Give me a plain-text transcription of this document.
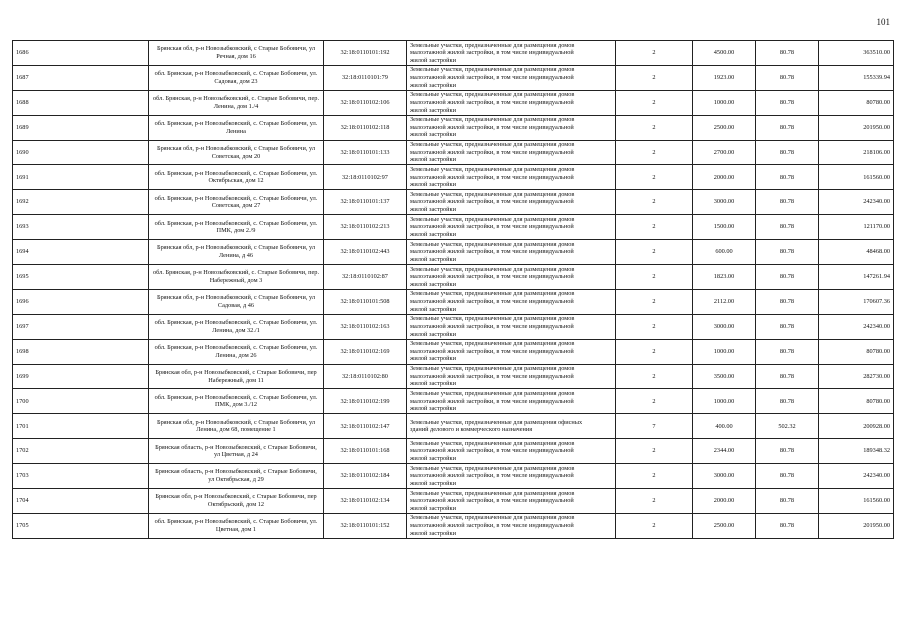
101
1686	Брянская обл, р-н Новозыбковский, с Старые Бобовичи, ул Речная, дом 16	32:18:0110101:192	Земельные участки, предназначенные для размещения домов
малоэтажной жилой застройки, в том числе индивидуальной
жилой застройки	2	4500.00	80.78	363510.00
1687	обл. Брянская, р-н Новозыбковский, с. Старые Бобовичи, ул. Садовая, дом 23	32:18:0110101:79	Земельные участки, предназначенные для размещения домов
малоэтажной жилой застройки, в том числе индивидуальной
жилой застройки	2	1923.00	80.78	155339.94
1688	обл. Брянская, р-н Новозыбковский, с. Старые Бобовичи, пер. Ленина, дом 1./4	32:18:0110102:106	Земельные участки, предназначенные для размещения домов
малоэтажной жилой застройки, в том числе индивидуальной
жилой застройки	2	1000.00	80.78	80780.00
1689	обл. Брянская, р-н Новозыбковский, с. Старые Бобовичи, ул. Ленина	32:18:0110102:118	Земельные участки, предназначенные для размещения домов
малоэтажной жилой застройки, в том числе индивидуальной
жилой застройки	2	2500.00	80.78	201950.00
1690	Брянская обл, р-н Новозыбковский, с Старые Бобовичи, ул Советская, дом 20	32:18:0110101:133	Земельные участки, предназначенные для размещения домов
малоэтажной жилой застройки, в том числе индивидуальной
жилой застройки	2	2700.00	80.78	218106.00
1691	обл. Брянская, р-н Новозыбковский, с. Старые Бобовичи, ул. Октябрьская, дом 12	32:18:0110102:97	Земельные участки, предназначенные для размещения домов
малоэтажной жилой застройки, в том числе индивидуальной
жилой застройки	2	2000.00	80.78	161560.00
1692	обл. Брянская, р-н Новозыбковский, с. Старые Бобовичи, ул. Советская, дом 27	32:18:0110101:137	Земельные участки, предназначенные для размещения домов
малоэтажной жилой застройки, в том числе индивидуальной
жилой застройки	2	3000.00	80.78	242340.00
1693	обл. Брянская, р-н Новозыбковский, с. Старые Бобовичи, ул. ПМК, дом 2./9	32:18:0110102:213	Земельные участки, предназначенные для размещения домов
малоэтажной жилой застройки, в том числе индивидуальной
жилой застройки	2	1500.00	80.78	121170.00
1694	Брянская обл, р-н Новозыбковский, с Старые Бобовичи, ул Ленина, д 46	32:18:0110102:443	Земельные участки, предназначенные для размещения домов
малоэтажной жилой застройки, в том числе индивидуальной
жилой застройки	2	600.00	80.78	48468.00
1695	обл. Брянская, р-н Новозыбковский, с. Старые Бобовичи, пер. Набережный, дом 3	32:18:0110102:87	Земельные участки, предназначенные для размещения домов
малоэтажной жилой застройки, в том числе индивидуальной
жилой застройки	2	1823.00	80.78	147261.94
1696	Брянская обл, р-н Новозыбковский, с Старые Бобовичи, ул Садовая, д 46	32:18:0110101:508	Земельные участки, предназначенные для размещения домов
малоэтажной жилой застройки, в том числе индивидуальной
жилой застройки	2	2112.00	80.78	170607.36
1697	обл. Брянская, р-н Новозыбковский, с. Старые Бобовичи, ул. Ленина, дом 32./1	32:18:0110102:163	Земельные участки, предназначенные для размещения домов
малоэтажной жилой застройки, в том числе индивидуальной
жилой застройки	2	3000.00	80.78	242340.00
1698	обл. Брянская, р-н Новозыбковский, с. Старые Бобовичи, ул. Ленина, дом 26	32:18:0110102:169	Земельные участки, предназначенные для размещения домов
малоэтажной жилой застройки, в том числе индивидуальной
жилой застройки	2	1000.00	80.78	80780.00
1699	Брянская обл, р-н Новозыбковский, с Старые Бобовичи, пер Набережный, дом 11	32:18:0110102:80	Земельные участки, предназначенные для размещения домов
малоэтажной жилой застройки, в том числе индивидуальной
жилой застройки	2	3500.00	80.78	282730.00
1700	обл. Брянская, р-н Новозыбковский, с. Старые Бобовичи, ул. ПМК, дом 3./12	32:18:0110102:199	Земельные участки, предназначенные для размещения домов
малоэтажной жилой застройки, в том числе индивидуальной
жилой застройки	2	1000.00	80.78	80780.00
1701	Брянская обл, р-н Новозыбковский, с Старые Бобовичи, ул Ленина, дом 68, помещение 1	32:18:0110102:147	Земельные участки, предназначенные для размещения офисных
зданий делового и коммерческого назначения	7	400.00	502.32	200928.00
1702	Брянская область, р-н Новозыбковский, с Старые Бобовичи, ул Цветная, д 24	32:18:0110101:168	Земельные участки, предназначенные для размещения домов
малоэтажной жилой застройки, в том числе индивидуальной
жилой застройки	2	2344.00	80.78	189348.32
1703	Брянская область, р-н Новозыбковский, с Старые Бобовичи, ул Октябрьская, д 29	32:18:0110102:184	Земельные участки, предназначенные для размещения домов
малоэтажной жилой застройки, в том числе индивидуальной
жилой застройки	2	3000.00	80.78	242340.00
1704	Брянская обл, р-н Новозыбковский, с Старые Бобовичи, пер Октябрьский, дом 12	32:18:0110102:134	Земельные участки, предназначенные для размещения домов
малоэтажной жилой застройки, в том числе индивидуальной
жилой застройки	2	2000.00	80.78	161560.00
1705	обл. Брянская, р-н Новозыбковский, с. Старые Бобовичи, ул. Цветная, дом 1	32:18:0110101:152	Земельные участки, предназначенные для размещения домов
малоэтажной жилой застройки, в том числе индивидуальной
жилой застройки	2	2500.00	80.78	201950.00
